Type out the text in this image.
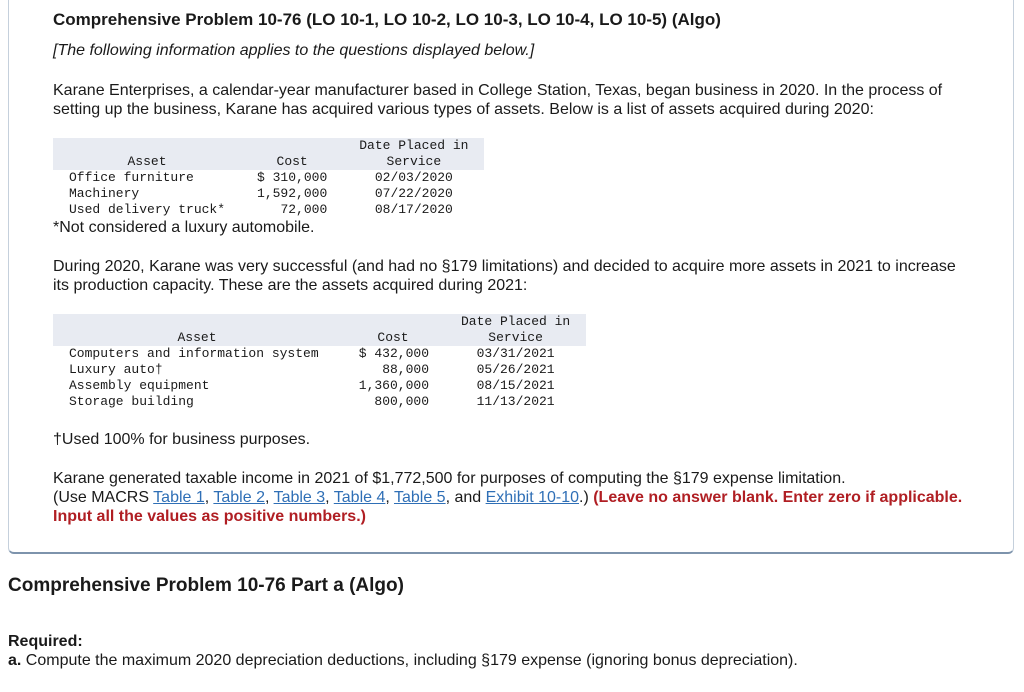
Comprehensive Problem 10-76 (LO 10-1, LO 10-2, LO 10-3, LO 10-4, LO 10-5) (Algo)

[The following information applies to the questions displayed below.]

Karane Enterprises, a calendar-year manufacturer based in College Station, Texas, began business in 2020. In the process of setting up the business, Karane has acquired various types of assets. Below is a list of assets acquired during 2020:

Asset	Cost	Date Placed in
Service
Office furniture	$ 310,000	02/03/2020
Machinery	1,592,000	07/22/2020
Used delivery truck*	72,000	08/17/2020

*Not considered a luxury automobile.

During 2020, Karane was very successful (and had no §179 limitations) and decided to acquire more assets in 2021 to increase its production capacity. These are the assets acquired during 2021:

Asset	Cost	Date Placed in
Service
Computers and information system	$ 432,000	03/31/2021
Luxury auto†	88,000	05/26/2021
Assembly equipment	1,360,000	08/15/2021
Storage building	800,000	11/13/2021

†Used 100% for business purposes.

Karane generated taxable income in 2021 of $1,772,500 for purposes of computing the §179 expense limitation.
(Use MACRS Table 1, Table 2, Table 3, Table 4, Table 5, and Exhibit 10-10.) (Leave no answer blank. Enter zero if applicable. Input all the values as positive numbers.)

Comprehensive Problem 10-76 Part a (Algo)

Required:

a. Compute the maximum 2020 depreciation deductions, including §179 expense (ignoring bonus depreciation).
